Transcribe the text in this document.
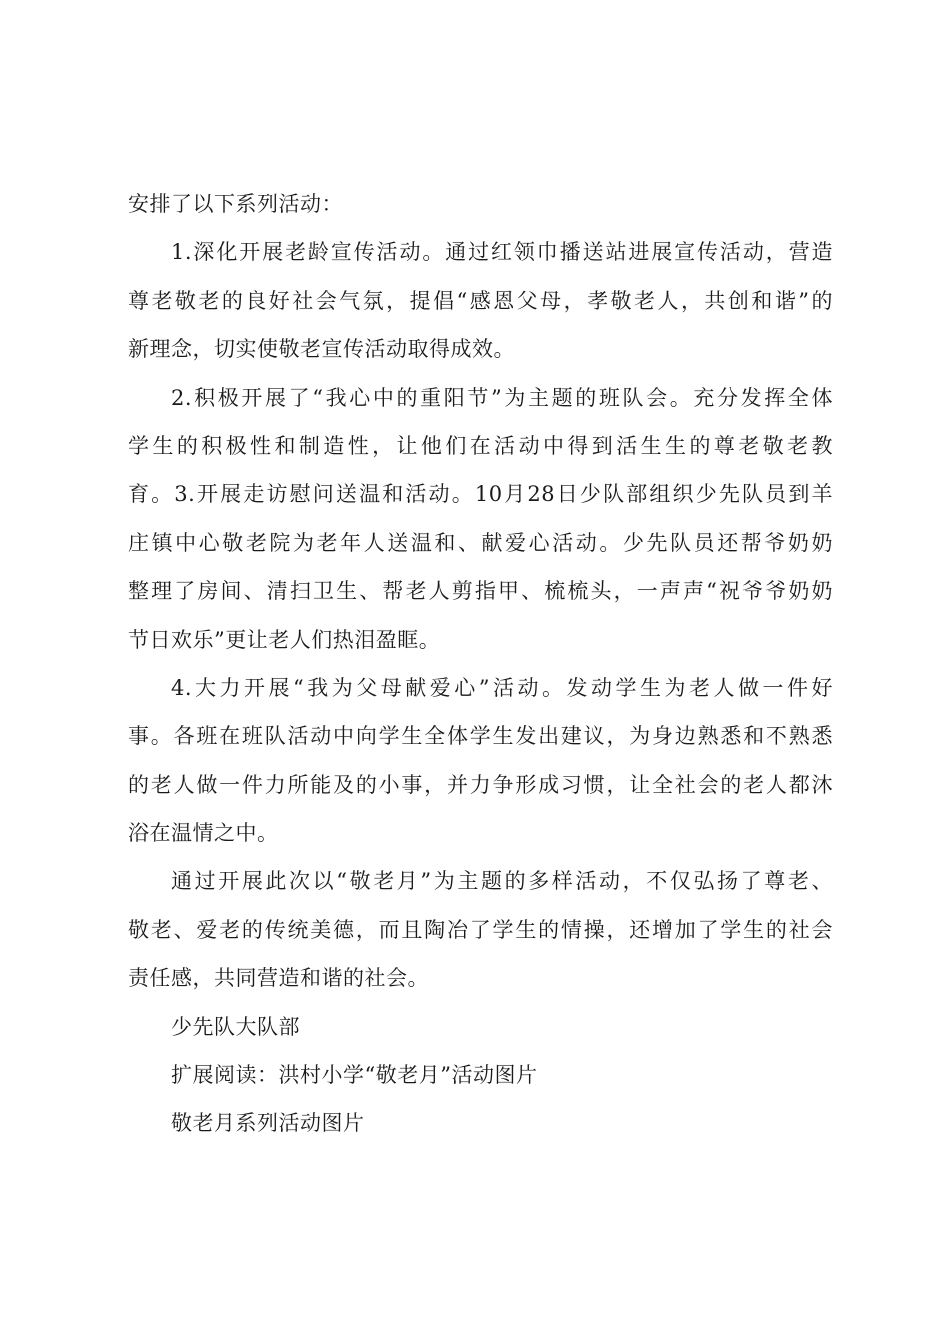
安排了以下系列活动：
1.深化开展老龄宣传活动。通过红领巾播送站进展宣传活动，营造
尊老敬老的良好社会气氛，提倡“感恩父母，孝敬老人，共创和谐”的
新理念，切实使敬老宣传活动取得成效。
2.积极开展了“我心中的重阳节”为主题的班队会。充分发挥全体
学生的积极性和制造性，让他们在活动中得到活生生的尊老敬老教
育。3.开展走访慰问送温和活动。10月28日少队部组织少先队员到羊
庄镇中心敬老院为老年人送温和、献爱心活动。少先队员还帮爷奶奶
整理了房间、清扫卫生、帮老人剪指甲、梳梳头，一声声“祝爷爷奶奶
节日欢乐”更让老人们热泪盈眶。
4.大力开展“我为父母献爱心”活动。发动学生为老人做一件好
事。各班在班队活动中向学生全体学生发出建议，为身边熟悉和不熟悉
的老人做一件力所能及的小事，并力争形成习惯，让全社会的老人都沐
浴在温情之中。
通过开展此次以“敬老月”为主题的多样活动，不仅弘扬了尊老、
敬老、爱老的传统美德，而且陶冶了学生的情操，还增加了学生的社会
责任感，共同营造和谐的社会。
少先队大队部
扩展阅读：洪村小学“敬老月”活动图片
敬老月系列活动图片
